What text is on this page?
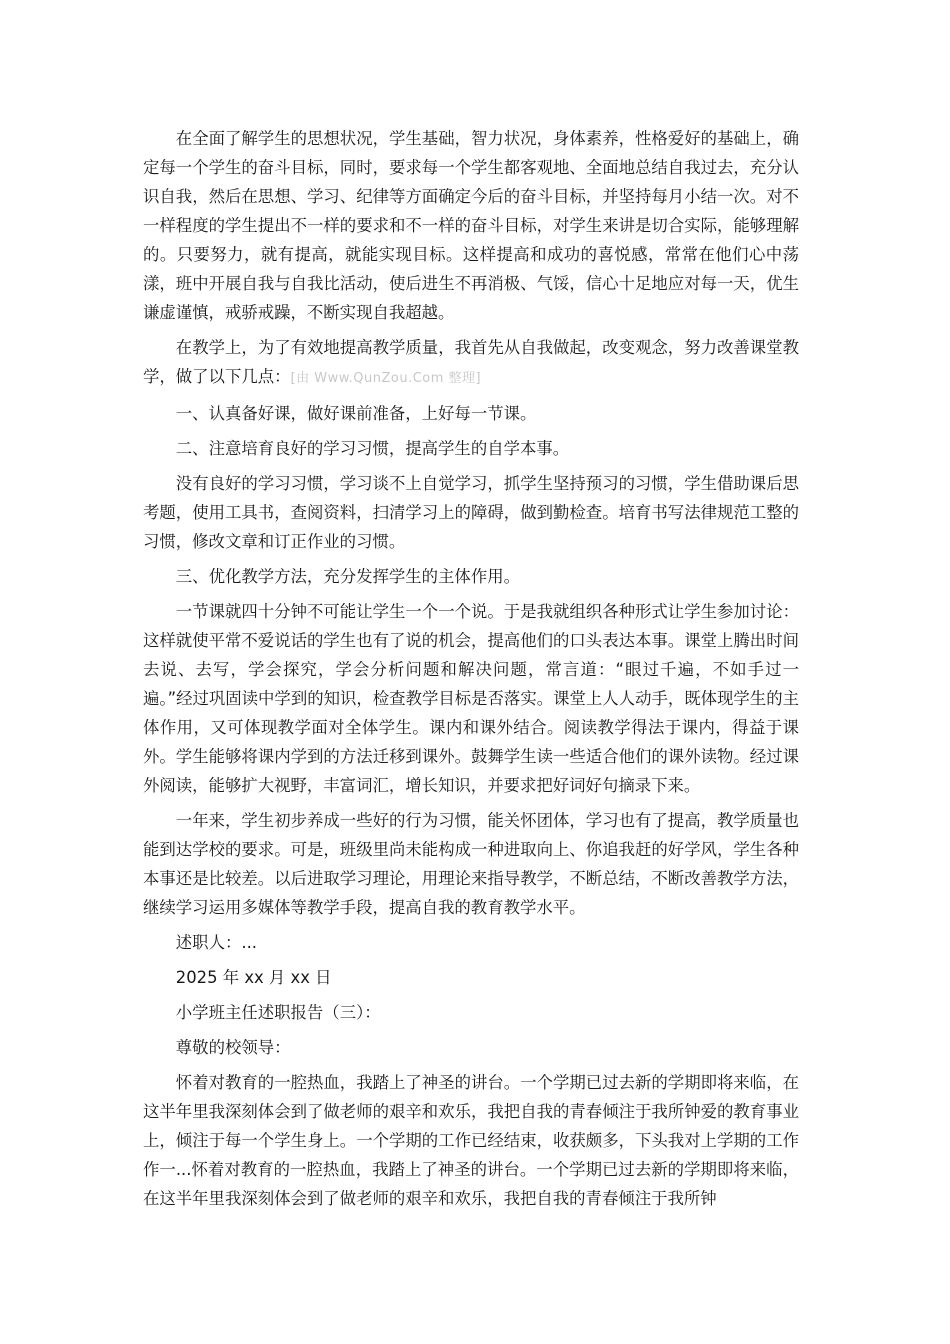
在全面了解学生的思想状况，学生基础，智力状况，身体素养，性格爱好的基础上，确定每一个学生的奋斗目标，同时，要求每一个学生都客观地、全面地总结自我过去，充分认识自我，然后在思想、学习、纪律等方面确定今后的奋斗目标，并坚持每月小结一次。对不一样程度的学生提出不一样的要求和不一样的奋斗目标，对学生来讲是切合实际，能够理解的。只要努力，就有提高，就能实现目标。这样提高和成功的喜悦感，常常在他们心中荡漾，班中开展自我与自我比活动，使后进生不再消极、气馁，信心十足地应对每一天，优生谦虚谨慎，戒骄戒躁，不断实现自我超越。

在教学上，为了有效地提高教学质量，我首先从自我做起，改变观念，努力改善课堂教学，做了以下几点：[由 Www.QunZou.Com 整理]

一、认真备好课，做好课前准备，上好每一节课。

二、注意培育良好的学习习惯，提高学生的自学本事。

没有良好的学习习惯，学习谈不上自觉学习，抓学生坚持预习的习惯，学生借助课后思考题，使用工具书，查阅资料，扫清学习上的障碍，做到勤检查。培育书写法律规范工整的习惯，修改文章和订正作业的习惯。

三、优化教学方法，充分发挥学生的主体作用。

一节课就四十分钟不可能让学生一个一个说。于是我就组织各种形式让学生参加讨论：这样就使平常不爱说话的学生也有了说的机会，提高他们的口头表达本事。课堂上腾出时间去说、去写，学会探究，学会分析问题和解决问题，常言道：“眼过千遍，不如手过一遍。”经过巩固读中学到的知识，检查教学目标是否落实。课堂上人人动手，既体现学生的主体作用，又可体现教学面对全体学生。课内和课外结合。阅读教学得法于课内，得益于课外。学生能够将课内学到的方法迁移到课外。鼓舞学生读一些适合他们的课外读物。经过课外阅读，能够扩大视野，丰富词汇，增长知识，并要求把好词好句摘录下来。

一年来，学生初步养成一些好的行为习惯，能关怀团体，学习也有了提高，教学质量也能到达学校的要求。可是，班级里尚未能构成一种进取向上、你追我赶的好学风，学生各种本事还是比较差。以后进取学习理论，用理论来指导教学，不断总结，不断改善教学方法，继续学习运用多媒体等教学手段，提高自我的教育教学水平。

述职人：...

2025 年 xx 月 xx 日

小学班主任述职报告（三）：

尊敬的校领导：

怀着对教育的一腔热血，我踏上了神圣的讲台。一个学期已过去新的学期即将来临，在这半年里我深刻体会到了做老师的艰辛和欢乐，我把自我的青春倾注于我所钟爱的教育事业上，倾注于每一个学生身上。一个学期的工作已经结束，收获颇多，下头我对上学期的工作作一...怀着对教育的一腔热血，我踏上了神圣的讲台。一个学期已过去新的学期即将来临，在这半年里我深刻体会到了做老师的艰辛和欢乐，我把自我的青春倾注于我所钟
